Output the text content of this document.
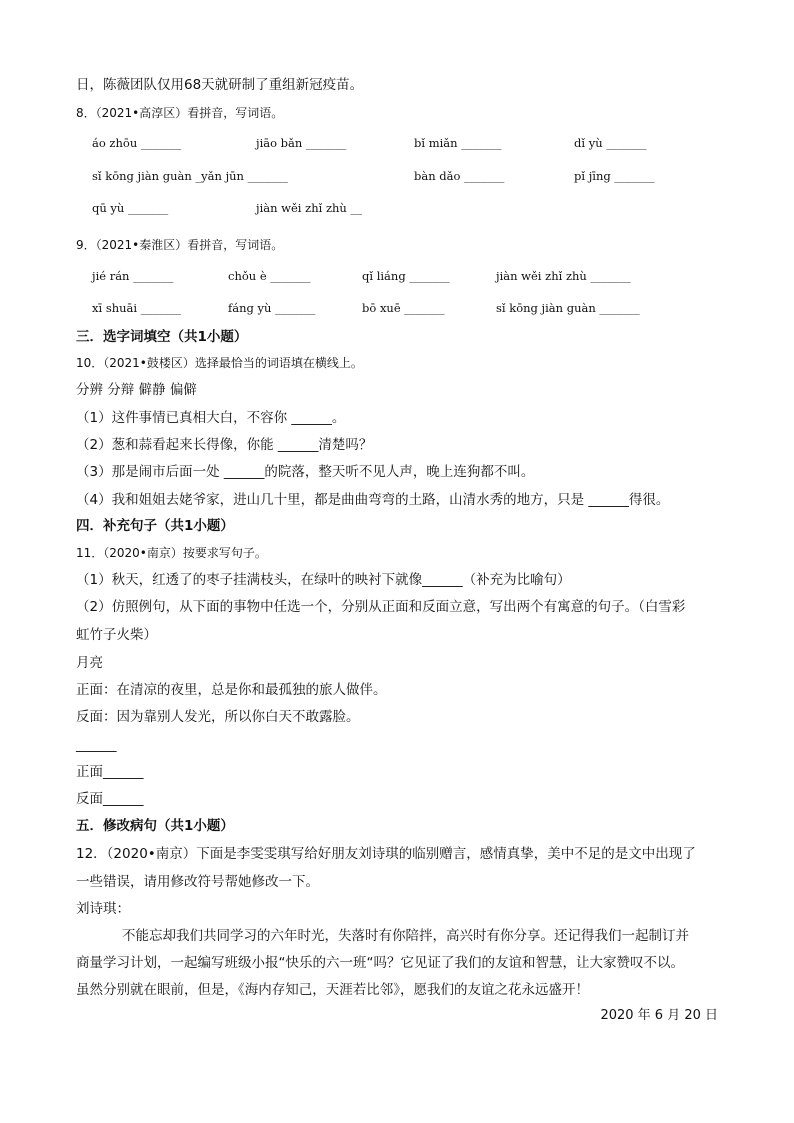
日，陈薇团队仅用68天就研制了重组新冠疫苗。
8．（2021•高淳区）看拼音，写词语。
áo zhōu _______	jiāo bǎn _______	bǐ miǎn _______	dǐ yù _______
sǐ kōng jiàn guàn _yǎn jūn _______	bàn dǎo _______	pǐ jīng _______
qū yù _______	jiàn wěi zhǐ zhù __
9．（2021•秦淮区）看拼音，写词语。
jié rán _______	chǒu è _______	qǐ liáng _______	jiàn wěi zhǐ zhù _______
xī shuāi _______	fáng yù _______	bō xuē _______	sǐ kōng jiàn guàn _______
三．选字词填空（共1小题）
10．（2021•鼓楼区）选择最恰当的词语填在横线上。
分辨 分辩 僻静 偏僻
（1）这件事情已真相大白，不容你 ______。
（2）葱和蒜看起来长得像，你能 ______清楚吗？
（3）那是闹市后面一处 ______的院落，整天听不见人声，晚上连狗都不叫。
（4）我和姐姐去姥爷家，进山几十里，都是曲曲弯弯的土路，山清水秀的地方，只是 ______得很。
四．补充句子（共1小题）
11．（2020•南京）按要求写句子。
（1）秋天，红透了的枣子挂满枝头，在绿叶的映衬下就像______（补充为比喻句）
（2）仿照例句，从下面的事物中任选一个，分别从正面和反面立意，写出两个有寓意的句子。（白雪彩
虹竹子火柴）
月亮
正面：在清凉的夜里，总是你和最孤独的旅人做伴。
反面：因为靠别人发光，所以你白天不敢露脸。
______
正面______
反面______
五．修改病句（共1小题）
12．（2020•南京）下面是李雯雯琪写给好朋友刘诗琪的临别赠言，感情真挚，美中不足的是文中出现了
一些错误，请用修改符号帮她修改一下。
刘诗琪：
不能忘却我们共同学习的六年时光，失落时有你陪拌，高兴时有你分享。还记得我们一起制订并
商量学习计划，一起编写班级小报“快乐的六一班“吗？它见证了我们的友谊和智慧，让大家赞叹不以。
虽然分别就在眼前，但是，《海内存知己，天涯若比邻》，愿我们的友谊之花永远盛开！
2020 年 6 月 20 日
